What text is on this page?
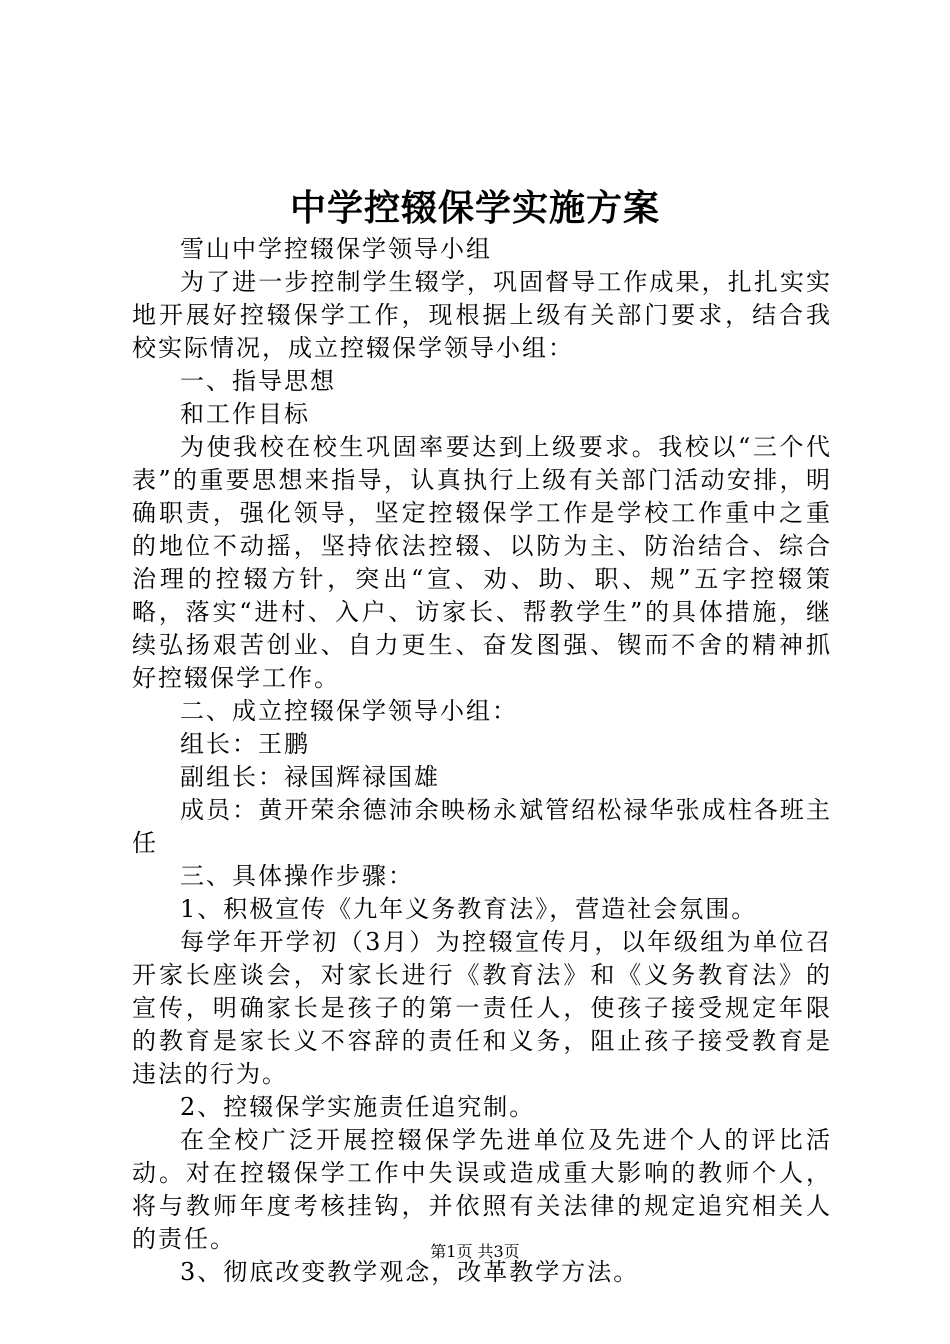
中学控辍保学实施方案

雪山中学控辍保学领导小组

为了进一步控制学生辍学，巩固督导工作成果，扎扎实实地开展好控辍保学工作，现根据上级有关部门要求，结合我校实际情况，成立控辍保学领导小组：

一、指导思想

和工作目标

为使我校在校生巩固率要达到上级要求。我校以“三个代表”的重要思想来指导，认真执行上级有关部门活动安排，明确职责，强化领导，坚定控辍保学工作是学校工作重中之重的地位不动摇，坚持依法控辍、以防为主、防治结合、综合治理的控辍方针，突出“宣、劝、助、职、规”五字控辍策略，落实“进村、入户、访家长、帮教学生”的具体措施，继续弘扬艰苦创业、自力更生、奋发图强、锲而不舍的精神抓好控辍保学工作。

二、成立控辍保学领导小组：

组长：王鹏

副组长：禄国辉禄国雄

成员：黄开荣余德沛余映杨永斌管绍松禄华张成柱各班主任

三、具体操作步骤：

1、积极宣传《九年义务教育法》，营造社会氛围。

每学年开学初（3月）为控辍宣传月，以年级组为单位召开家长座谈会，对家长进行《教育法》和《义务教育法》的宣传，明确家长是孩子的第一责任人，使孩子接受规定年限的教育是家长义不容辞的责任和义务，阻止孩子接受教育是违法的行为。

2、控辍保学实施责任追究制。

在全校广泛开展控辍保学先进单位及先进个人的评比活动。对在控辍保学工作中失误或造成重大影响的教师个人，将与教师年度考核挂钩，并依照有关法律的规定追究相关人的责任。

3、彻底改变教学观念，改革教学方法。

第1页 共3页
